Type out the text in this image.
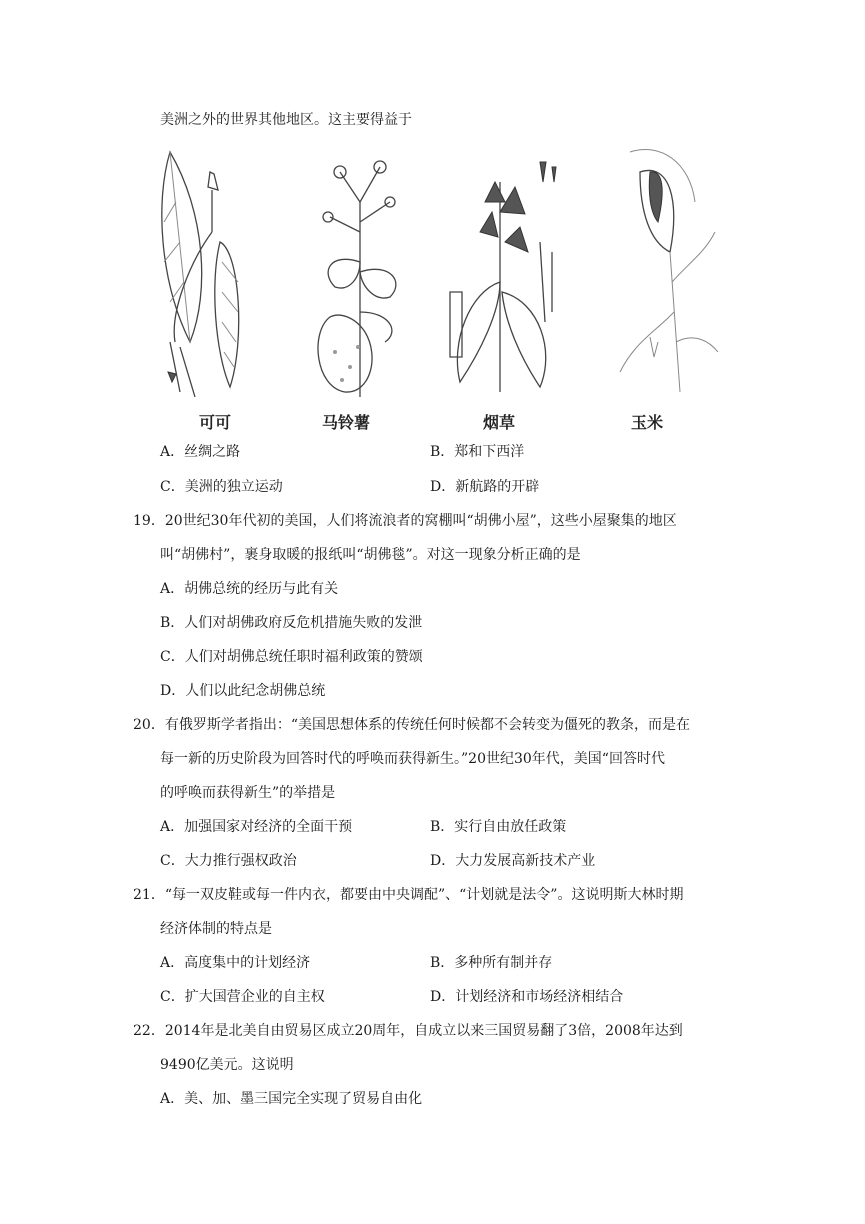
美洲之外的世界其他地区。这主要得益于
可可	马铃薯	烟草	玉米
A．丝绸之路	B．郑和下西洋
C．美洲的独立运动	D．新航路的开辟
19．20世纪30年代初的美国，人们将流浪者的窝棚叫“胡佛小屋”，这些小屋聚集的地区
叫“胡佛村”，裹身取暖的报纸叫“胡佛毯”。对这一现象分析正确的是
A．胡佛总统的经历与此有关
B．人们对胡佛政府反危机措施失败的发泄
C．人们对胡佛总统任职时福利政策的赞颂
D．人们以此纪念胡佛总统
20．有俄罗斯学者指出：“美国思想体系的传统任何时候都不会转变为僵死的教条，而是在
每一新的历史阶段为回答时代的呼唤而获得新生。”20世纪30年代，美国“回答时代
的呼唤而获得新生”的举措是
A．加强国家对经济的全面干预	B．实行自由放任政策
C．大力推行强权政治	D．大力发展高新技术产业
21．“每一双皮鞋或每一件内衣，都要由中央调配”、“计划就是法令”。这说明斯大林时期
经济体制的特点是
A．高度集中的计划经济	B．多种所有制并存
C．扩大国营企业的自主权	D．计划经济和市场经济相结合
22．2014年是北美自由贸易区成立20周年，自成立以来三国贸易翻了3倍，2008年达到
9490亿美元。这说明
A．美、加、墨三国完全实现了贸易自由化
